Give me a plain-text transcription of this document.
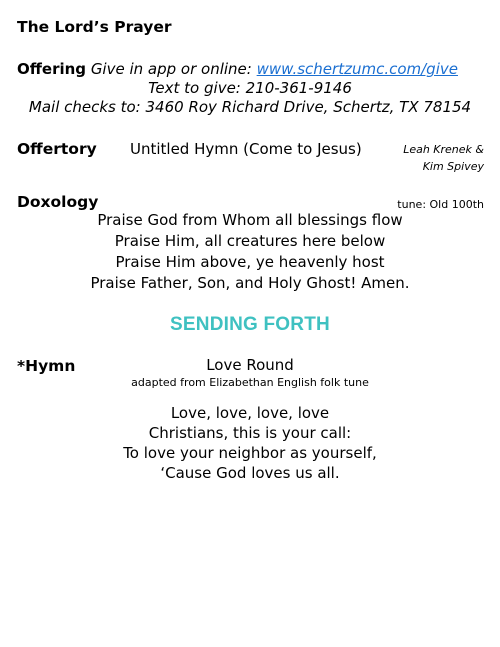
The Lord’s Prayer
Offering Give in app or online: www.schertzumc.com/give
Text to give: 210-361-9146
Mail checks to: 3460 Roy Richard Drive, Schertz, TX 78154
Offertory Untitled Hymn (Come to Jesus)	Leah Krenek &
Kim Spivey
Doxology	tune: Old 100th
Praise God from Whom all blessings flow
Praise Him, all creatures here below
Praise Him above, ye heavenly host
Praise Father, Son, and Holy Ghost! Amen.
SENDING FORTH
*Hymn	Love Round
adapted from Elizabethan English folk tune
Love, love, love, love
Christians, this is your call:
To love your neighbor as yourself,
‘Cause God loves us all.
